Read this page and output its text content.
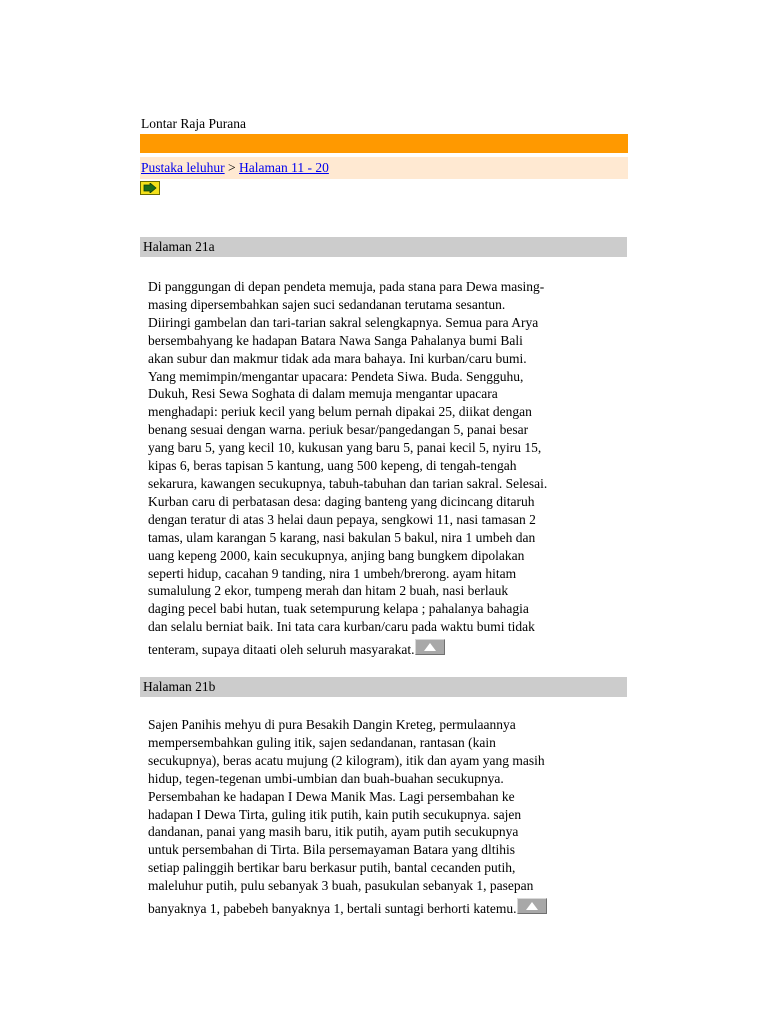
Lontar Raja Purana
Pustaka leluhur > Halaman 11 - 20
Halaman 21a
Di panggungan di depan pendeta memuja, pada stana para Dewa masing-
masing dipersembahkan sajen suci sedandanan terutama sesantun.
Diiringi gambelan dan tari-tarian sakral selengkapnya. Semua para Arya
bersembahyang ke hadapan Batara Nawa Sanga Pahalanya bumi Bali
akan subur dan makmur tidak ada mara bahaya. Ini kurban/caru bumi.
Yang memimpin/mengantar upacara: Pendeta Siwa. Buda. Sengguhu,
Dukuh, Resi Sewa Soghata di dalam memuja mengantar upacara
menghadapi: periuk kecil yang belum pernah dipakai 25, diikat dengan
benang sesuai dengan warna. periuk besar/pangedangan 5, panai besar
yang baru 5, yang kecil 10, kukusan yang baru 5, panai kecil 5, nyiru 15,
kipas 6, beras tapisan 5 kantung, uang 500 kepeng, di tengah-tengah
sekarura, kawangen secukupnya, tabuh-tabuhan dan tarian sakral. Selesai.
Kurban caru di perbatasan desa: daging banteng yang dicincang ditaruh
dengan teratur di atas 3 helai daun pepaya, sengkowi 11, nasi tamasan 2
tamas, ulam karangan 5 karang, nasi bakulan 5 bakul, nira 1 umbeh dan
uang kepeng 2000, kain secukupnya, anjing bang bungkem dipolakan
seperti hidup, cacahan 9 tanding, nira 1 umbeh/brerong. ayam hitam
sumalulung 2 ekor, tumpeng merah dan hitam 2 buah, nasi berlauk
daging pecel babi hutan, tuak setempurung kelapa ; pahalanya bahagia
dan selalu berniat baik. Ini tata cara kurban/caru pada waktu bumi tidak
tenteram, supaya ditaati oleh seluruh masyarakat.
Halaman 21b
Sajen Panihis mehyu di pura Besakih Dangin Kreteg, permulaannya
mempersembahkan guling itik, sajen sedandanan, rantasan (kain
secukupnya), beras acatu mujung (2 kilogram), itik dan ayam yang masih
hidup, tegen-tegenan umbi-umbian dan buah-buahan secukupnya.
Persembahan ke hadapan I Dewa Manik Mas. Lagi persembahan ke
hadapan I Dewa Tirta, guling itik putih, kain putih secukupnya. sajen
dandanan, panai yang masih baru, itik putih, ayam putih secukupnya
untuk persembahan di Tirta. Bila persemayaman Batara yang dltihis
setiap palinggih bertikar baru berkasur putih, bantal cecanden putih,
maleluhur putih, pulu sebanyak 3 buah, pasukulan sebanyak 1, pasepan
banyaknya 1, pabebeh banyaknya 1, bertali suntagi berhorti katemu.
